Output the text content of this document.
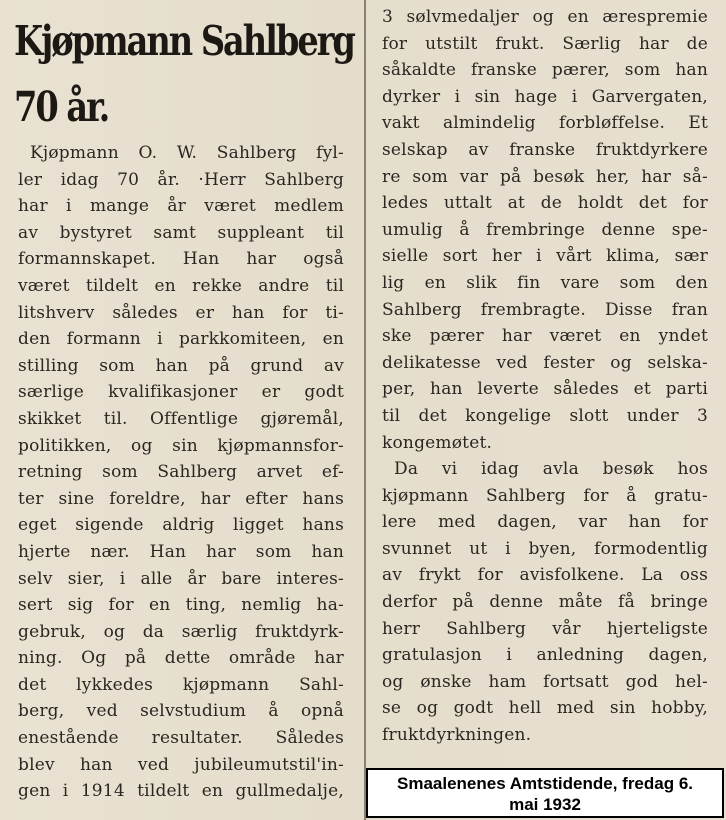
Kjøpmann Sahlberg
70 år.
Kjøpmann O. W. Sahlberg fyl-
ler idag 70 år. ·Herr Sahlberg
har i mange år været medlem
av bystyret samt suppleant til
formannskapet. Han har også
været tildelt en rekke andre til
litshverv således er han for ti-
den formann i parkkomiteen, en
stilling som han på grund av
særlige kvalifikasjoner er godt
skikket til. Offentlige gjøremål,
politikken, og sin kjøpmannsfor-
retning som Sahlberg arvet ef-
ter sine foreldre, har efter hans
eget sigende aldrig ligget hans
hjerte nær. Han har som han
selv sier, i alle år bare interes-
sert sig for en ting, nemlig ha-
gebruk, og da særlig fruktdyrk-
ning. Og på dette område har
det lykkedes kjøpmann Sahl-
berg, ved selvstudium å opnå
enestående resultater. Således
blev han ved jubileumutstil'in-
gen i 1914 tildelt en gullmedalje,
3 sølvmedaljer og en ærespremie
for utstilt frukt. Særlig har de
såkaldte franske pærer, som han
dyrker i sin hage i Garvergaten,
vakt almindelig forbløffelse. Et
selskap av franske fruktdyrkere
re som var på besøk her, har så-
ledes uttalt at de holdt det for
umulig å frembringe denne spe-
sielle sort her i vårt klima, sær
lig en slik fin vare som den
Sahlberg frembragte. Disse fran
ske pærer har været en yndet
delikatesse ved fester og selska-
per, han leverte således et parti
til det kongelige slott under 3
kongemøtet.
Da vi idag avla besøk hos
kjøpmann Sahlberg for å gratu-
lere med dagen, var han for
svunnet ut i byen, formodentlig
av frykt for avisfolkene. La oss
derfor på denne måte få bringe
herr Sahlberg vår hjerteligste
gratulasjon i anledning dagen,
og ønske ham fortsatt god hel-
se og godt hell med sin hobby,
fruktdyrkningen.
Smaalenenes Amtstidende, fredag 6.
mai 1932
